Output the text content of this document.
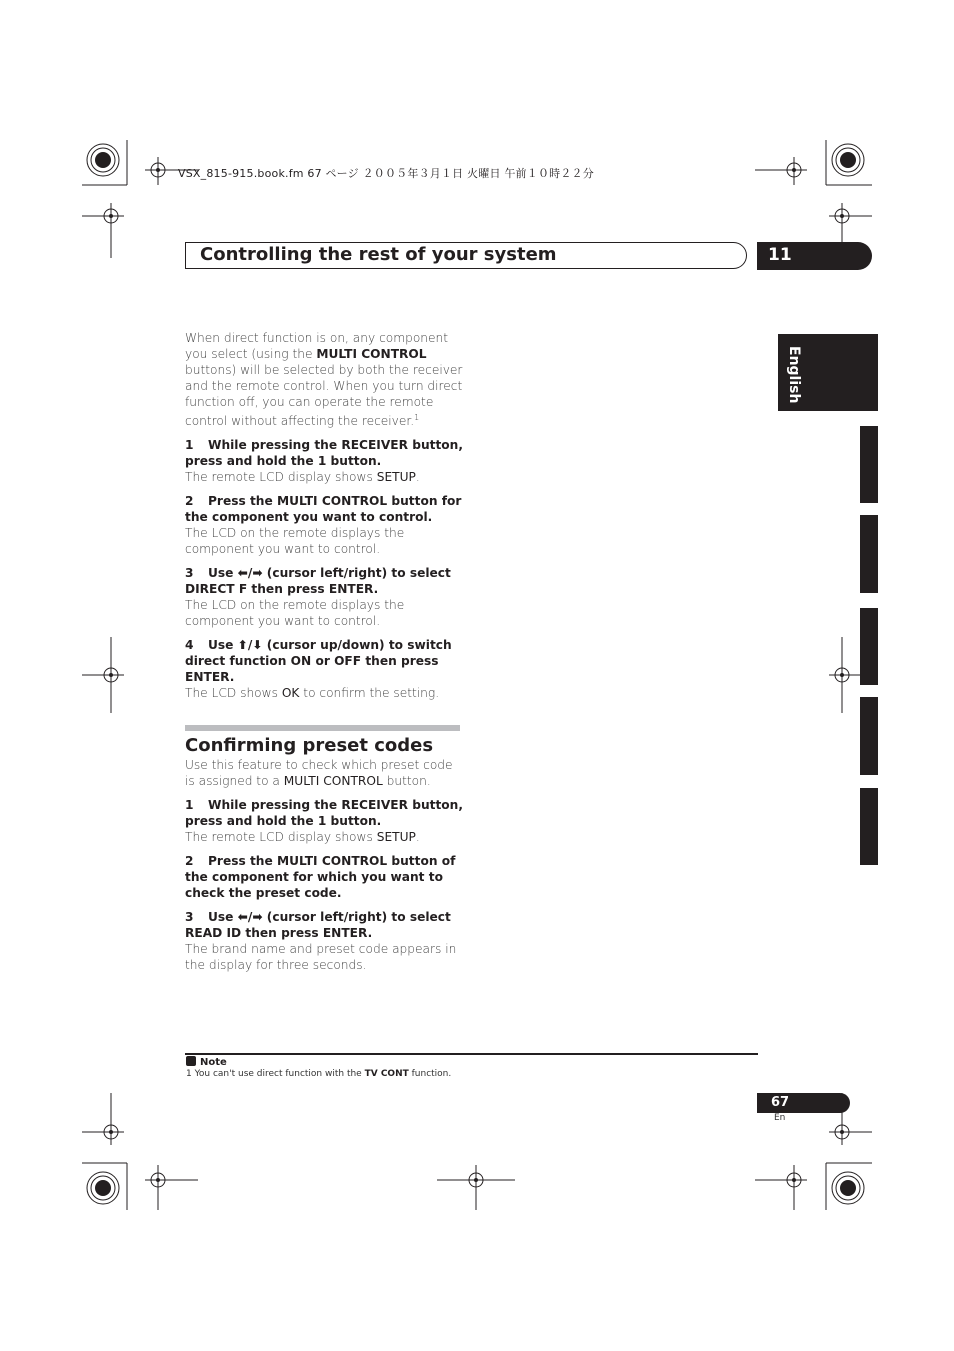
VSX_815-915.book.fm 67 ページ ２００５年３月１日 火曜日 午前１０時２２分
Controlling the rest of your system	11
English

When direct function is on, any component you select (using the MULTI CONTROL buttons) will be selected by both the receiver and the remote control. When you turn direct function off, you can operate the remote control without affecting the receiver.$^1$

1 While pressing the RECEIVER button, press and hold the 1 button.

The remote LCD display shows SETUP.

2 Press the MULTI CONTROL button for the component you want to control.

The LCD on the remote displays the component you want to control.

3 Use ⬅/➡ (cursor left/right) to select DIRECT F then press ENTER.

The LCD on the remote displays the component you want to control.

4 Use ⬆/⬇ (cursor up/down) to switch direct function ON or OFF then press ENTER.

The LCD shows OK to confirm the setting.

Confirming preset codes

Use this feature to check which preset code is assigned to a MULTI CONTROL button.

1 While pressing the RECEIVER button, press and hold the 1 button.

The remote LCD display shows SETUP.

2 Press the MULTI CONTROL button of the component for which you want to check the preset code.

3 Use ⬅/➡ (cursor left/right) to select READ ID then press ENTER.

The brand name and preset code appears in the display for three seconds.

Note
1 You can't use direct function with the TV CONT function.
67
En
